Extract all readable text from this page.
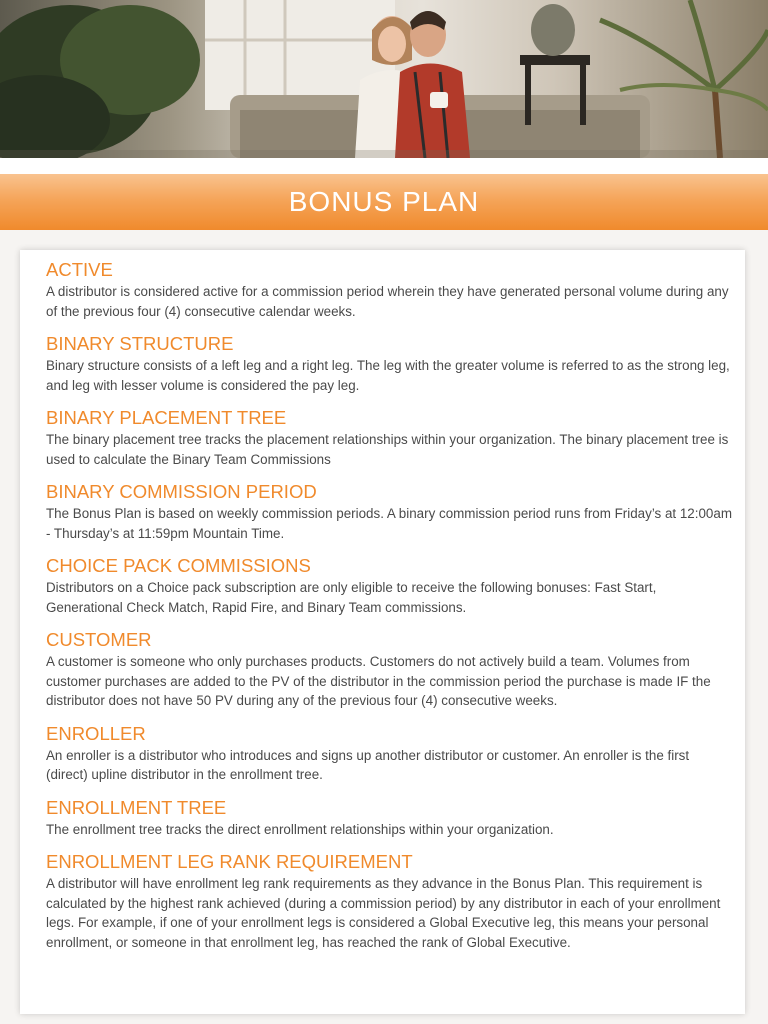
BONUS PLAN
ACTIVE

A distributor is considered active for a commission period wherein they have generated personal volume during any of the previous four (4) consecutive calendar weeks.

BINARY STRUCTURE

Binary structure consists of a left leg and a right leg. The leg with the greater volume is referred to as the strong leg, and leg with lesser volume is considered the pay leg.

BINARY PLACEMENT TREE

The binary placement tree tracks the placement relationships within your organization. The binary placement tree is used to calculate the Binary Team Commissions

BINARY COMMISSION PERIOD

The Bonus Plan is based on weekly commission periods. A binary commission period runs from Friday’s at 12:00am - Thursday’s at 11:59pm Mountain Time.

CHOICE PACK COMMISSIONS

Distributors on a Choice pack subscription are only eligible to receive the following bonuses: Fast Start, Generational Check Match, Rapid Fire, and Binary Team commissions.

CUSTOMER

A customer is someone who only purchases products. Customers do not actively build a team. Volumes from customer purchases are added to the PV of the distributor in the commission period the purchase is made IF the distributor does not have 50 PV during any of the previous four (4) consecutive weeks.

ENROLLER

An enroller is a distributor who introduces and signs up another distributor or customer. An enroller is the first (direct) upline distributor in the enrollment tree.

ENROLLMENT TREE

The enrollment tree tracks the direct enrollment relationships within your organization.

ENROLLMENT LEG RANK REQUIREMENT

A distributor will have enrollment leg rank requirements as they advance in the Bonus Plan. This requirement is calculated by the highest rank achieved (during a commission period) by any distributor in each of your enrollment legs. For example, if one of your enrollment legs is considered a Global Executive leg, this means your personal enrollment, or someone in that enrollment leg, has reached the rank of Global Executive.
